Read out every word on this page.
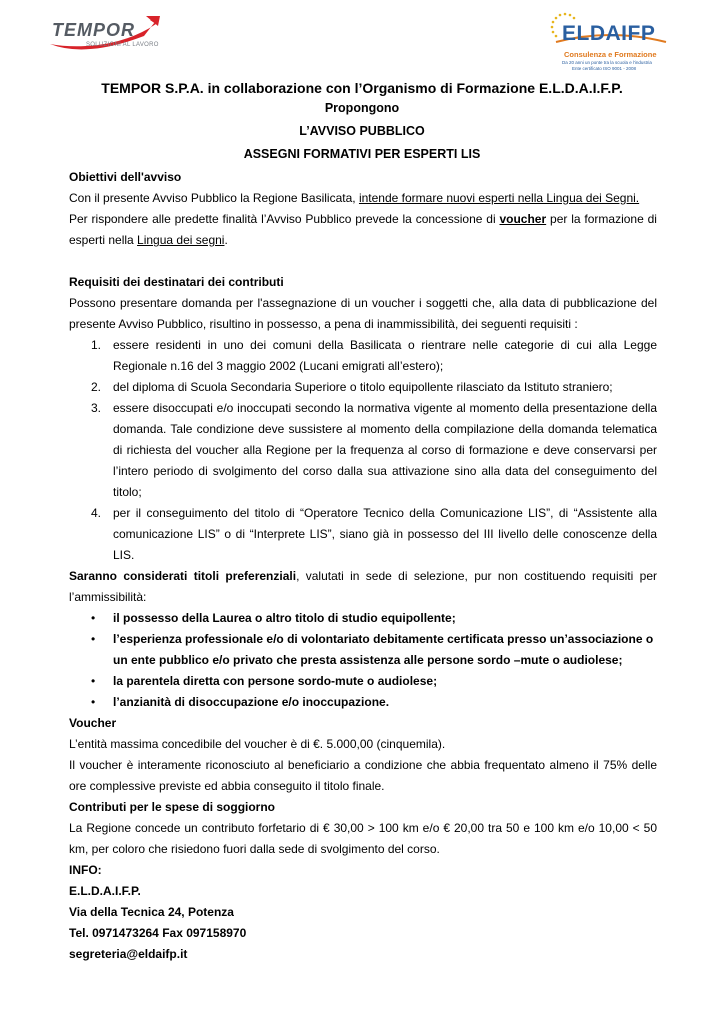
TEMPOR
SOLUZIONI AL LAVORO	ELDAIFP
Consulenza e Formazione
Da 20 anni un ponte tra la scuola e l'industria
Ente certificato ISO 9001 - 2008
TEMPOR S.P.A. in collaborazione con l’Organismo di Formazione E.L.D.A.I.F.P.
Propongono
L’AVVISO PUBBLICO
ASSEGNI FORMATIVI PER ESPERTI LIS
Obiettivi dell'avviso
Con il presente Avviso Pubblico la Regione Basilicata, intende formare nuovi esperti nella Lingua dei Segni.
Per rispondere alle predette finalità l’Avviso Pubblico prevede la concessione di voucher per la formazione di esperti nella Lingua dei segni.
Requisiti dei destinatari dei contributi
Possono presentare domanda per l'assegnazione di un voucher i soggetti che, alla data di pubblicazione del presente Avviso Pubblico, risultino in possesso, a pena di inammissibilità, dei seguenti requisiti :
1. essere residenti in uno dei comuni della Basilicata o rientrare nelle categorie di cui alla Legge Regionale n.16 del 3 maggio 2002 (Lucani emigrati all’estero);
2. del diploma di Scuola Secondaria Superiore o titolo equipollente rilasciato da Istituto straniero;
3. essere disoccupati e/o inoccupati secondo la normativa vigente al momento della presentazione della domanda. Tale condizione deve sussistere al momento della compilazione della domanda telematica di richiesta del voucher alla Regione per la frequenza al corso di formazione e deve conservarsi per l’intero periodo di svolgimento del corso dalla sua attivazione sino alla data del conseguimento del titolo;
4. per il conseguimento del titolo di “Operatore Tecnico della Comunicazione LIS”, di “Assistente alla comunicazione LIS” o di “Interprete LIS”, siano già in possesso del III livello delle conoscenze della LIS.
Saranno considerati titoli preferenziali, valutati in sede di selezione, pur non costituendo requisiti per l’ammissibilità:
• il possesso della Laurea o altro titolo di studio equipollente;
• l’esperienza professionale e/o di volontariato debitamente certificata presso un’associazione o un ente pubblico e/o privato che presta assistenza alle persone sordo –mute o audiolese;
• la parentela diretta con persone sordo-mute o audiolese;
• l’anzianità di disoccupazione e/o inoccupazione.
Voucher
L’entità massima concedibile del voucher è di €. 5.000,00 (cinquemila).
Il voucher è interamente riconosciuto al beneficiario a condizione che abbia frequentato almeno il 75% delle ore complessive previste ed abbia conseguito il titolo finale.
Contributi per le spese di soggiorno
La Regione concede un contributo forfetario di € 30,00 > 100 km e/o € 20,00 tra 50 e 100 km e/o 10,00 < 50 km, per coloro che risiedono fuori dalla sede di svolgimento del corso.
INFO:
E.L.D.A.I.F.P.
Via della Tecnica 24, Potenza
Tel. 0971473264 Fax 097158970
segreteria@eldaifp.it
